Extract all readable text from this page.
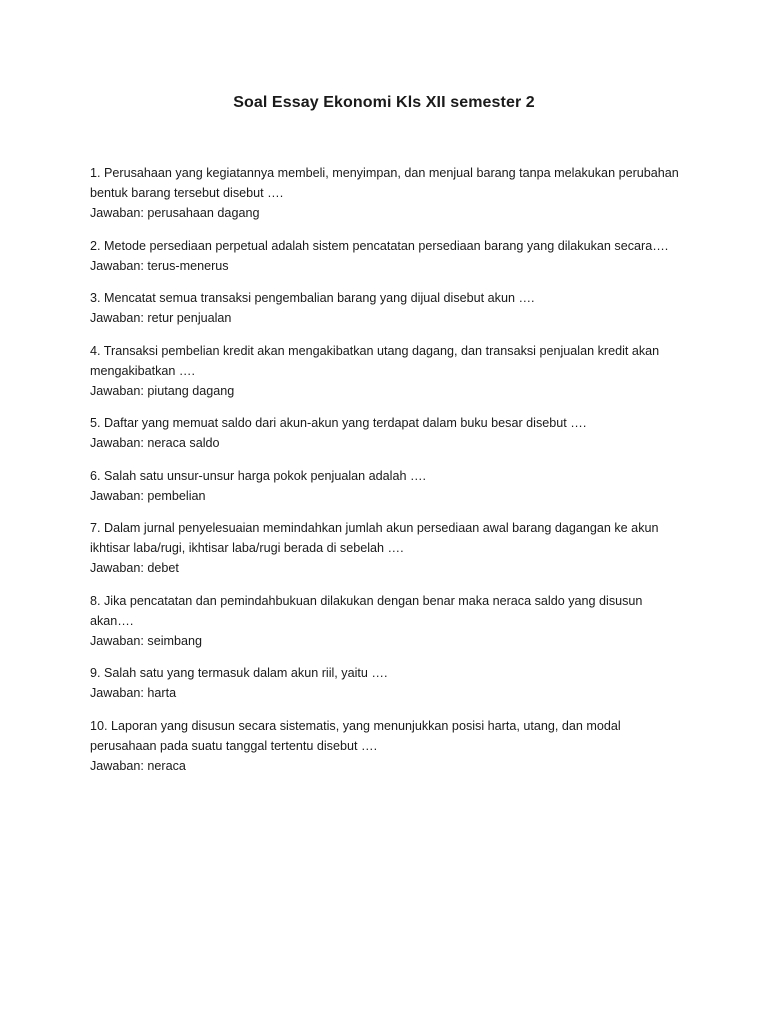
Soal Essay Ekonomi Kls XII semester 2
1. Perusahaan yang kegiatannya membeli, menyimpan, dan menjual barang tanpa melakukan perubahan bentuk barang tersebut disebut ….
Jawaban: perusahaan dagang
2. Metode persediaan perpetual adalah sistem pencatatan persediaan barang yang dilakukan secara….
Jawaban: terus-menerus
3. Mencatat semua transaksi pengembalian barang yang dijual disebut akun ….
Jawaban: retur penjualan
4. Transaksi pembelian kredit akan mengakibatkan utang dagang, dan transaksi penjualan kredit akan mengakibatkan ….
Jawaban: piutang dagang
5. Daftar yang memuat saldo dari akun-akun yang terdapat dalam buku besar disebut ….
Jawaban: neraca saldo
6. Salah satu unsur-unsur harga pokok penjualan adalah ….
Jawaban: pembelian
7. Dalam jurnal penyelesuaian memindahkan jumlah akun persediaan awal barang dagangan ke akun ikhtisar laba/rugi, ikhtisar laba/rugi berada di sebelah ….
Jawaban: debet
8. Jika pencatatan dan pemindahbukuan dilakukan dengan benar maka neraca saldo yang disusun akan….
Jawaban: seimbang
9. Salah satu yang termasuk dalam akun riil, yaitu ….
Jawaban: harta
10. Laporan yang disusun secara sistematis, yang menunjukkan posisi harta, utang, dan modal perusahaan pada suatu tanggal tertentu disebut ….
Jawaban: neraca
